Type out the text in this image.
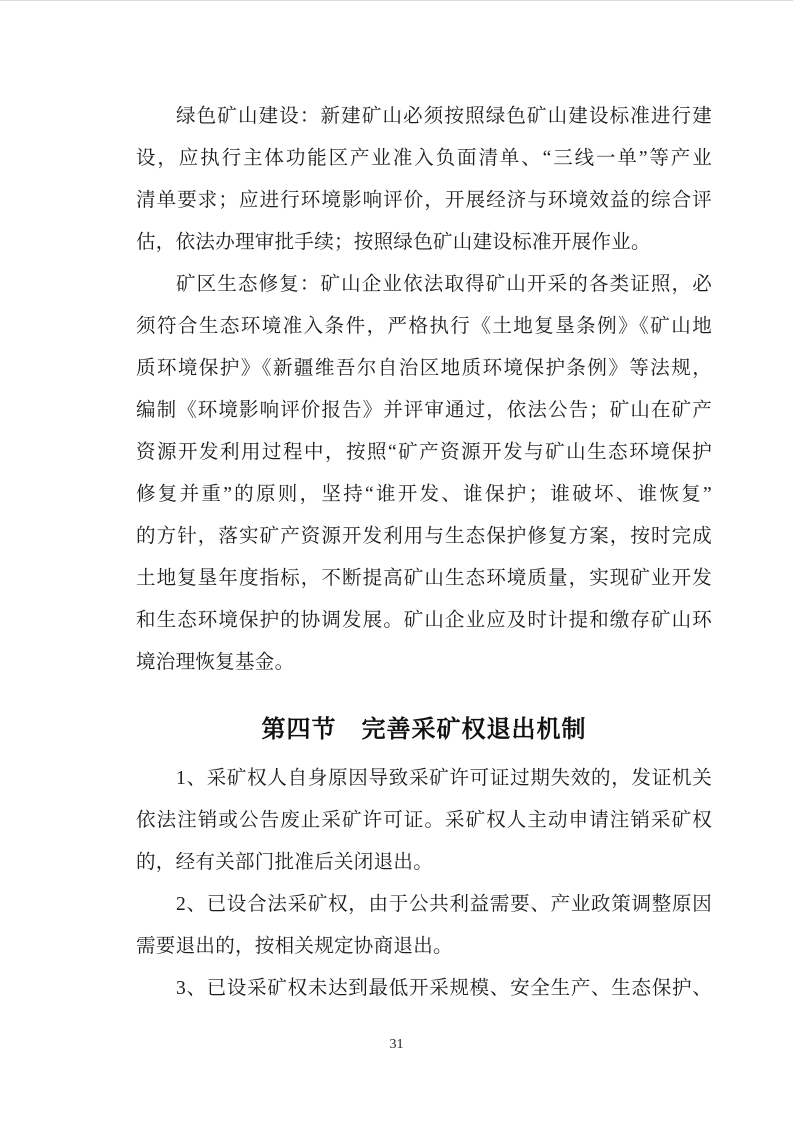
绿色矿山建设：新建矿山必须按照绿色矿山建设标准进行建
设，应执行主体功能区产业准入负面清单、“三线一单”等产业
清单要求；应进行环境影响评价，开展经济与环境效益的综合评
估，依法办理审批手续；按照绿色矿山建设标准开展作业。
矿区生态修复：矿山企业依法取得矿山开采的各类证照，必
须符合生态环境准入条件，严格执行《土地复垦条例》《矿山地
质环境保护》《新疆维吾尔自治区地质环境保护条例》等法规，
编制《环境影响评价报告》并评审通过，依法公告；矿山在矿产
资源开发利用过程中，按照“矿产资源开发与矿山生态环境保护
修复并重”的原则，坚持“谁开发、谁保护；谁破坏、谁恢复”
的方针，落实矿产资源开发利用与生态保护修复方案，按时完成
土地复垦年度指标，不断提高矿山生态环境质量，实现矿业开发
和生态环境保护的协调发展。矿山企业应及时计提和缴存矿山环
境治理恢复基金。
第四节　完善采矿权退出机制
1、采矿权人自身原因导致采矿许可证过期失效的，发证机关
依法注销或公告废止采矿许可证。采矿权人主动申请注销采矿权
的，经有关部门批准后关闭退出。
2、已设合法采矿权，由于公共利益需要、产业政策调整原因
需要退出的，按相关规定协商退出。
3、已设采矿权未达到最低开采规模、安全生产、生态保护、
31
